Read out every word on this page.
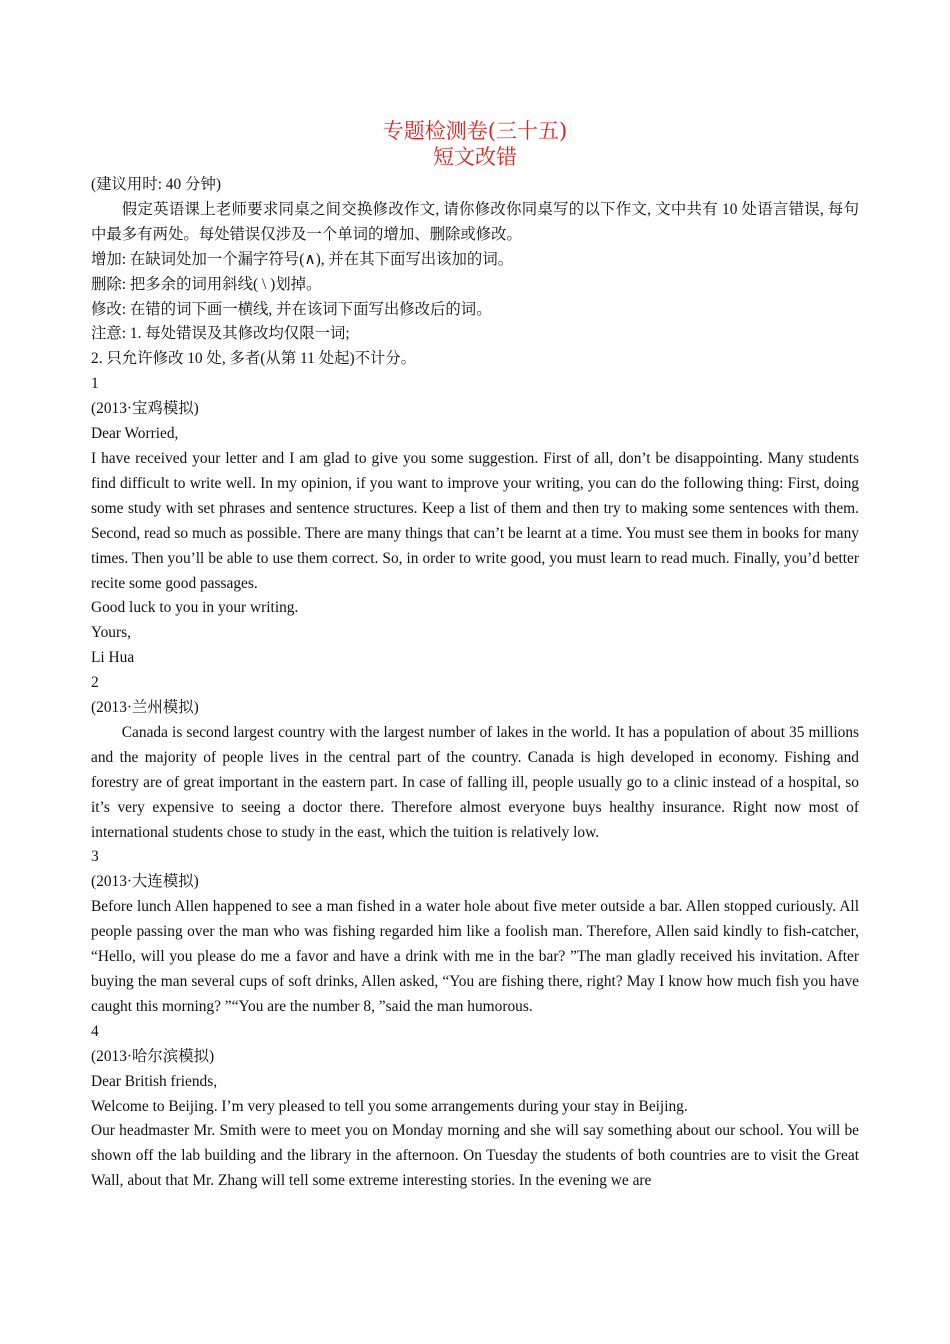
专题检测卷(三十五)
短文改错

(建议用时: 40 分钟)

假定英语课上老师要求同桌之间交换修改作文, 请你修改你同桌写的以下作文, 文中共有 10 处语言错误, 每句中最多有两处。每处错误仅涉及一个单词的增加、删除或修改。

增加: 在缺词处加一个漏字符号(∧), 并在其下面写出该加的词。

删除: 把多余的词用斜线( \ )划掉。

修改: 在错的词下画一横线, 并在该词下面写出修改后的词。

注意: 1. 每处错误及其修改均仅限一词;

2. 只允许修改 10 处, 多者(从第 11 处起)不计分。

1

(2013·宝鸡模拟)

Dear Worried,

I have received your letter and I am glad to give you some suggestion. First of all, don’t be disappointing. Many students find difficult to write well. In my opinion, if you want to improve your writing, you can do the following thing: First, doing some study with set phrases and sentence structures. Keep a list of them and then try to making some sentences with them. Second, read so much as possible. There are many things that can’t be learnt at a time. You must see them in books for many times. Then you’ll be able to use them correct. So, in order to write good, you must learn to read much. Finally, you’d better recite some good passages.

Good luck to you in your writing.

Yours,

Li Hua

2

(2013·兰州模拟)

Canada is second largest country with the largest number of lakes in the world. It has a population of about 35 millions and the majority of people lives in the central part of the country. Canada is high developed in economy. Fishing and forestry are of great important in the eastern part. In case of falling ill, people usually go to a clinic instead of a hospital, so it’s very expensive to seeing a doctor there. Therefore almost everyone buys healthy insurance. Right now most of international students chose to study in the east, which the tuition is relatively low.

3

(2013·大连模拟)

Before lunch Allen happened to see a man fished in a water hole about five meter outside a bar. Allen stopped curiously. All people passing over the man who was fishing regarded him like a foolish man. Therefore, Allen said kindly to fish-catcher, “Hello, will you please do me a favor and have a drink with me in the bar? ”The man gladly received his invitation. After buying the man several cups of soft drinks, Allen asked, “You are fishing there, right? May I know how much fish you have caught this morning? ”“You are the number 8, ”said the man humorous.

4

(2013·哈尔滨模拟)

Dear British friends,

Welcome to Beijing. I’m very pleased to tell you some arrangements during your stay in Beijing.

Our headmaster Mr. Smith were to meet you on Monday morning and she will say something about our school. You will be shown off the lab building and the library in the afternoon. On Tuesday the students of both countries are to visit the Great Wall, about that Mr. Zhang will tell some extreme interesting stories. In the evening we are
